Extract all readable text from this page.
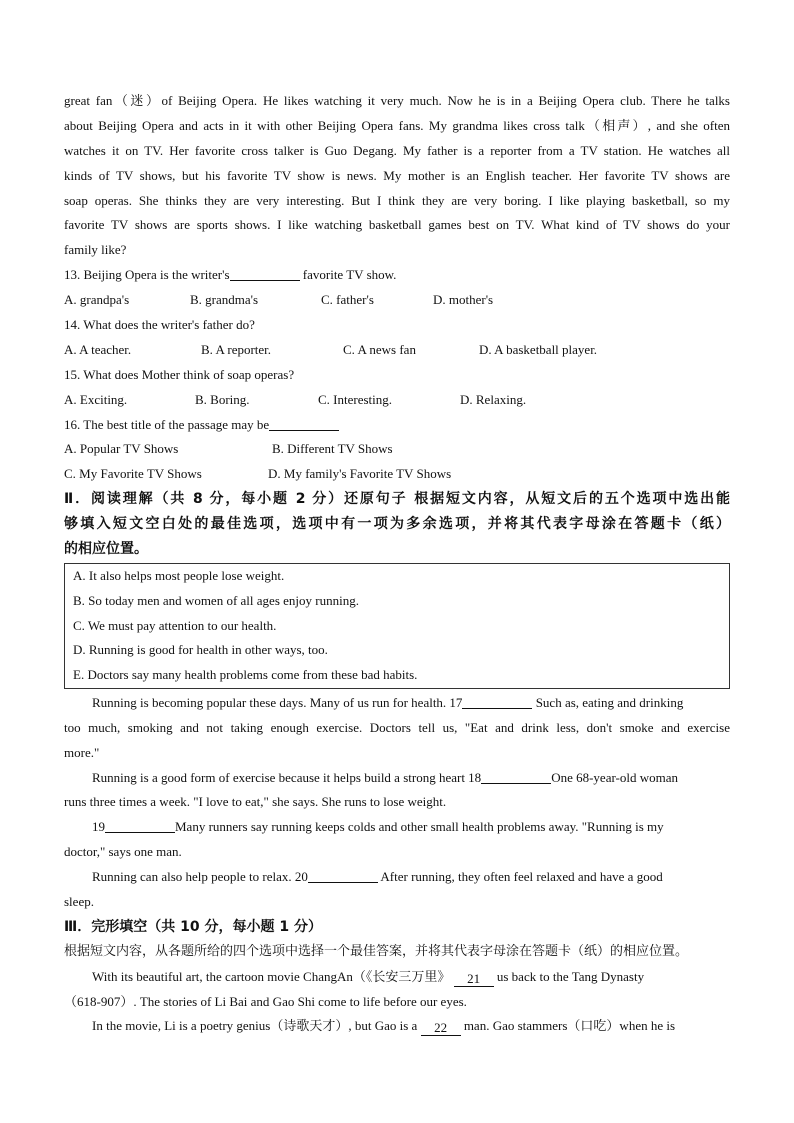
great fan（迷）of Beijing Opera. He likes watching it very much. Now he is in a Beijing Opera club. There he talks
about Beijing Opera and acts in it with other Beijing Opera fans. My grandma likes cross talk（相声）, and she often
watches it on TV. Her favorite cross talker is Guo Degang. My father is a reporter from a TV station. He watches all
kinds of TV shows, but his favorite TV show is news. My mother is an English teacher. Her favorite TV shows are
soap operas. She thinks they are very interesting. But I think they are very boring. I like playing basketball, so my
favorite TV shows are sports shows. I like watching basketball games best on TV. What kind of TV shows do your
family like?
13. Beijing Opera is the writer's	favorite TV show.
A. grandpa's	B. grandma's	C. father's	D. mother's
14. What does the writer's father do?
A. A teacher.	B. A reporter.	C. A news fan	D. A basketball player.
15. What does Mother think of soap operas?
A. Exciting.	B. Boring.	C. Interesting.	D. Relaxing.
16. The best title of the passage may be
A. Popular TV Shows	B. Different TV Shows
C. My Favorite TV Shows	D. My family's Favorite TV Shows
Ⅱ．阅读理解（共 8 分，每小题 2 分）还原句子 根据短文内容，从短文后的五个选项中选出能
够填入短文空白处的最佳选项，选项中有一项为多余选项，并将其代表字母涂在答题卡（纸）
的相应位置。
A. It also helps most people lose weight.
B. So today men and women of all ages enjoy running.
C. We must pay attention to our health.
D. Running is good for health in other ways, too.
E. Doctors say many health problems come from these bad habits.
Running is becoming popular these days. Many of us run for health. 17	Such as, eating and drinking
too much, smoking and not taking enough exercise. Doctors tell us, "Eat and drink less, don't smoke and exercise
more."
Running is a good form of exercise because it helps build a strong heart 18	One 68-year-old woman
runs three times a week. "I love to eat," she says. She runs to lose weight.
19	Many runners say running keeps colds and other small health problems away. "Running is my
doctor," says one man.
Running can also help people to relax. 20	After running, they often feel relaxed and have a good
sleep.
Ⅲ．完形填空（共 10 分，每小题 1 分）
根据短文内容，从各题所给的四个选项中选择一个最佳答案，并将其代表字母涂在答题卡（纸）的相应位置。
With its beautiful art, the cartoon movie ChangAn（《长安三万里》 21 us back to the Tang Dynasty
（618-907）. The stories of Li Bai and Gao Shi come to life before our eyes.
In the movie, Li is a poetry genius（诗歌天才）, but Gao is a 22 man. Gao stammers（口吃）when he is
